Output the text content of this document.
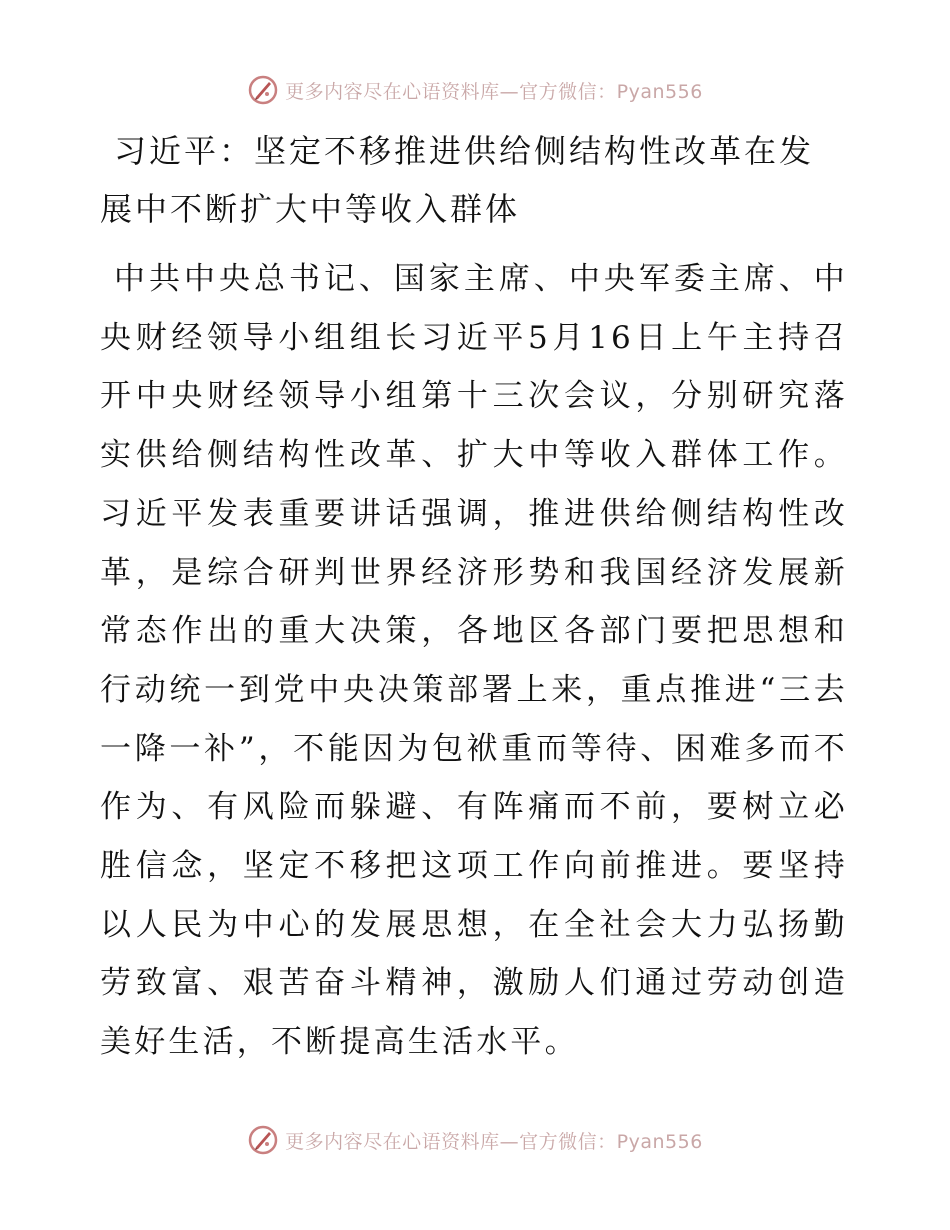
更多内容尽在心语资料库—官方微信：Pyan556
习近平：坚定不移推进供给侧结构性改革在发展中不断扩大中等收入群体

中共中央总书记、国家主席、中央军委主席、中央财经领导小组组长习近平5月16日上午主持召开中央财经领导小组第十三次会议，分别研究落实供给侧结构性改革、扩大中等收入群体工作。习近平发表重要讲话强调，推进供给侧结构性改革，是综合研判世界经济形势和我国经济发展新常态作出的重大决策，各地区各部门要把思想和行动统一到党中央决策部署上来，重点推进“三去一降一补”，不能因为包袱重而等待、困难多而不作为、有风险而躲避、有阵痛而不前，要树立必胜信念，坚定不移把这项工作向前推进。要坚持以人民为中心的发展思想，在全社会大力弘扬勤劳致富、艰苦奋斗精神，激励人们通过劳动创造美好生活，不断提高生活水平。

更多内容尽在心语资料库—官方微信：Pyan556
